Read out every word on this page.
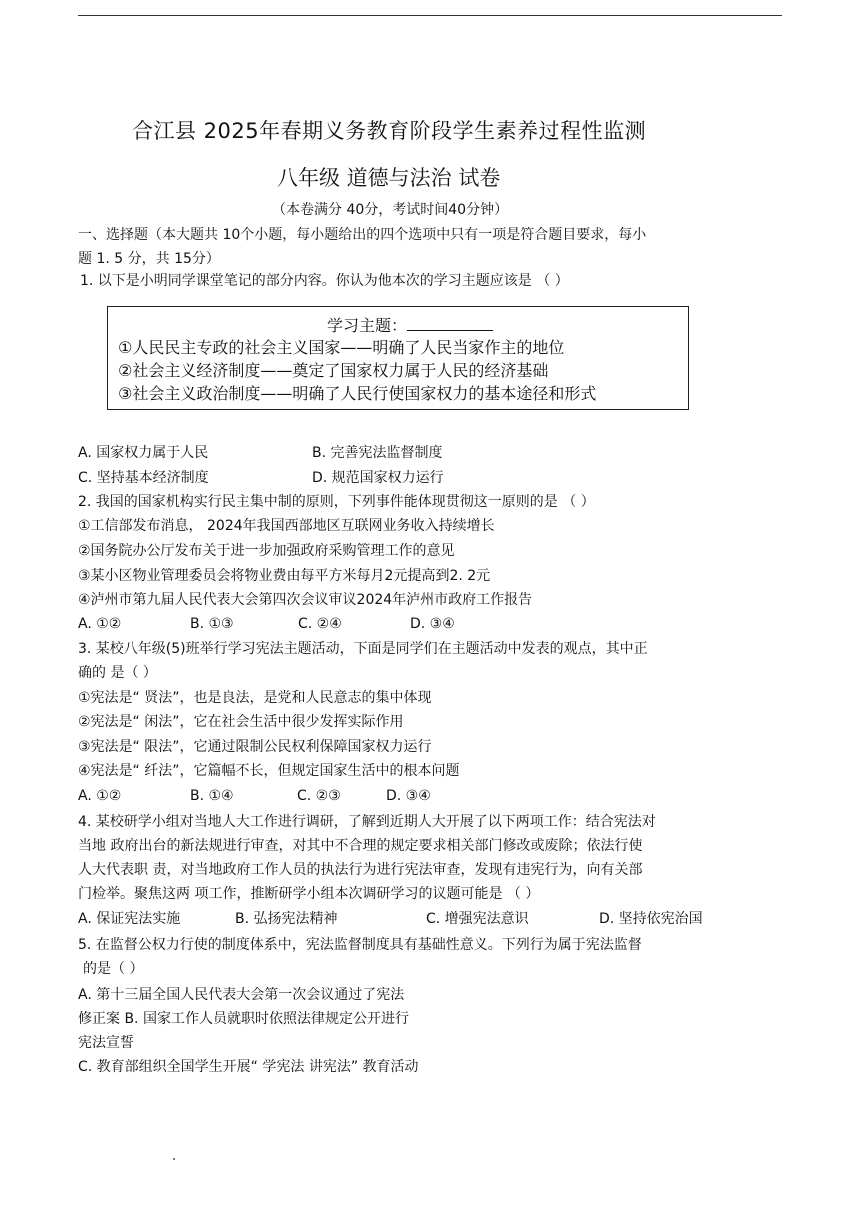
合江县 2025年春期义务教育阶段学生素养过程性监测
八年级 道德与法治 试卷
（本卷满分 40分，考试时间40分钟）
一、选择题（本大题共 10个小题，每小题给出的四个选项中只有一项是符合题目要求，每小
题 1. 5 分，共 15分）
1. 以下是小明同学课堂笔记的部分内容。你认为他本次的学习主题应该是 （ ）
学习主题：
①人民民主专政的社会主义国家——明确了人民当家作主的地位
②社会主义经济制度——奠定了国家权力属于人民的经济基础
③社会主义政治制度——明确了人民行使国家权力的基本途径和形式
A. 国家权力属于人民	B. 完善宪法监督制度
C. 坚持基本经济制度	D. 规范国家权力运行
2. 我国的国家机构实行民主集中制的原则，下列事件能体现贯彻这一原则的是 （ ）
①工信部发布消息， 2024年我国西部地区互联网业务收入持续增长
②国务院办公厅发布关于进一步加强政府采购管理工作的意见
③某小区物业管理委员会将物业费由每平方米每月2元提高到2. 2元
④泸州市第九届人民代表大会第四次会议审议2024年泸州市政府工作报告
A. ①②	B. ①③	C. ②④	D. ③④
3. 某校八年级(5)班举行学习宪法主题活动，下面是同学们在主题活动中发表的观点，其中正
确的 是（ ）
①宪法是“ 贤法”，也是良法，是党和人民意志的集中体现
②宪法是“ 闲法”，它在社会生活中很少发挥实际作用
③宪法是“ 限法”，它通过限制公民权利保障国家权力运行
④宪法是“ 纤法”，它篇幅不长，但规定国家生活中的根本问题
A. ①②	B. ①④	C. ②③	D. ③④
4. 某校研学小组对当地人大工作进行调研，了解到近期人大开展了以下两项工作：结合宪法对
当地 政府出台的新法规进行审查，对其中不合理的规定要求相关部门修改或废除；依法行使
人大代表职 责，对当地政府工作人员的执法行为进行宪法审查，发现有违宪行为，向有关部
门检举。聚焦这两 项工作，推断研学小组本次调研学习的议题可能是 （ ）
A. 保证宪法实施	B. 弘扬宪法精神	C. 增强宪法意识	D. 坚持依宪治国
5. 在监督公权力行使的制度体系中，宪法监督制度具有基础性意义。下列行为属于宪法监督
的是（ ）
A. 第十三届全国人民代表大会第一次会议通过了宪法
修正案 B. 国家工作人员就职时依照法律规定公开进行
宪法宣誓
C. 教育部组织全国学生开展“ 学宪法 讲宪法” 教育活动
